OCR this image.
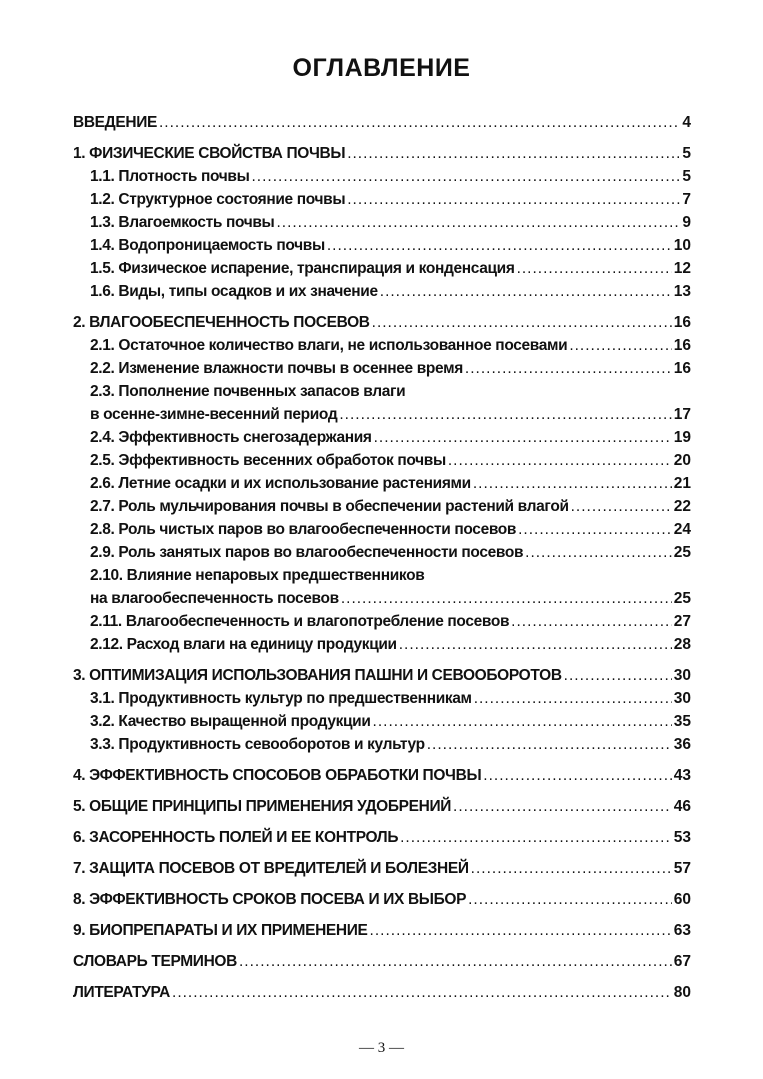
ОГЛАВЛЕНИЕ
ВВЕДЕНИЕ .....	4
1. ФИЗИЧЕСКИЕ СВОЙСТВА ПОЧВЫ .....	5
1.1. Плотность почвы .....	5
1.2. Структурное состояние почвы .....	7
1.3. Влагоемкость почвы .....	9
1.4. Водопроницаемость почвы .....	10
1.5. Физическое испарение, транспирация и конденсация .....	12
1.6. Виды, типы осадков и их значение .....	13
2. ВЛАГООБЕСПЕЧЕННОСТЬ ПОСЕВОВ .....	16
2.1. Остаточное количество влаги, не использованное посевами .....	16
2.2. Изменение влажности почвы в осеннее время .....	16
2.3. Пополнение почвенных запасов влаги
в осенне-зимне-весенний период .....	17
2.4. Эффективность снегозадержания .....	19
2.5. Эффективность весенних обработок почвы .....	20
2.6. Летние осадки и их использование растениями .....	21
2.7. Роль мульчирования почвы в обеспечении растений влагой .....	22
2.8. Роль чистых паров во влагообеспеченности посевов .....	24
2.9. Роль занятых паров во влагообеспеченности посевов .....	25
2.10. Влияние непаровых предшественников
на влагообеспеченность посевов .....	25
2.11. Влагообеспеченность и влагопотребление посевов .....	27
2.12. Расход влаги на единицу продукции .....	28
3. ОПТИМИЗАЦИЯ ИСПОЛЬЗОВАНИЯ ПАШНИ И СЕВООБОРОТОВ .....	30
3.1. Продуктивность культур по предшественникам .....	30
3.2. Качество выращенной продукции .....	35
3.3. Продуктивность севооборотов и культур .....	36
4. ЭФФЕКТИВНОСТЬ СПОСОБОВ ОБРАБОТКИ ПОЧВЫ .....	43
5. ОБЩИЕ ПРИНЦИПЫ ПРИМЕНЕНИЯ УДОБРЕНИЙ .....	46
6. ЗАСОРЕННОСТЬ ПОЛЕЙ И ЕЕ КОНТРОЛЬ .....	53
7. ЗАЩИТА ПОСЕВОВ ОТ ВРЕДИТЕЛЕЙ И БОЛЕЗНЕЙ .....	57
8. ЭФФЕКТИВНОСТЬ СРОКОВ ПОСЕВА И ИХ ВЫБОР .....	60
9. БИОПРЕПАРАТЫ И ИХ ПРИМЕНЕНИЕ .....	63
СЛОВАРЬ ТЕРМИНОВ .....	67
ЛИТЕРАТУРА .....	80
— 3 —
